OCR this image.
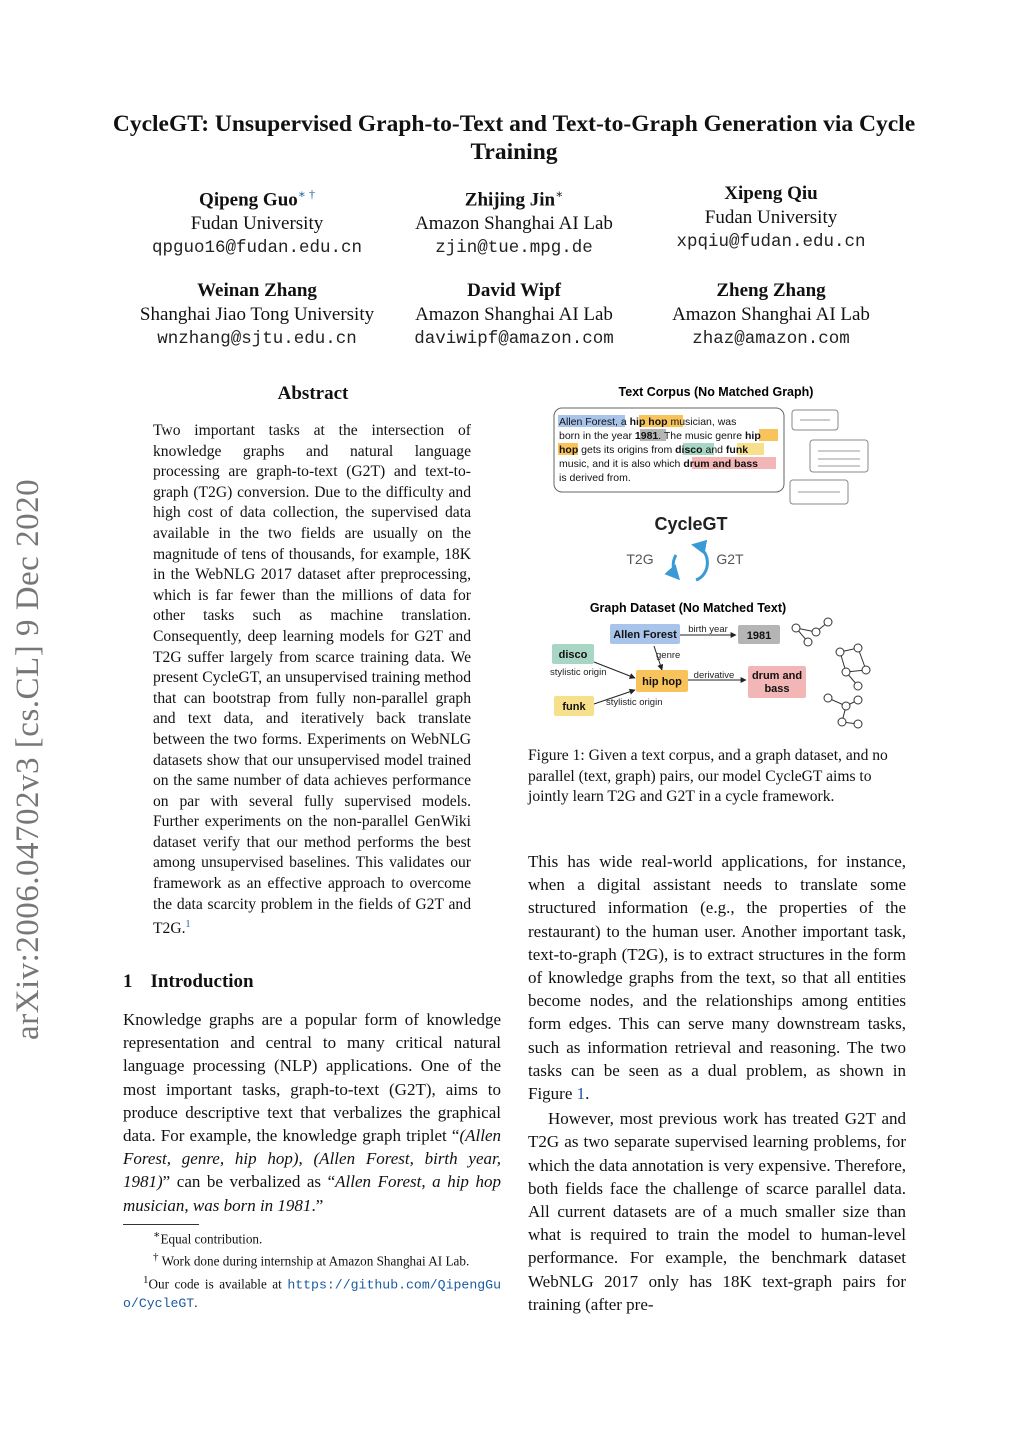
arXiv:2006.04702v3 [cs.CL] 9 Dec 2020
CycleGT: Unsupervised Graph-to-Text and Text-to-Graph Generation via Cycle Training
Qipeng Guo∗ †
Fudan University
qpguo16@fudan.edu.cn
Zhijing Jin∗
Amazon Shanghai AI Lab
zjin@tue.mpg.de
Xipeng Qiu
Fudan University
xpqiu@fudan.edu.cn
Weinan Zhang
Shanghai Jiao Tong University
wnzhang@sjtu.edu.cn
David Wipf
Amazon Shanghai AI Lab
daviwipf@amazon.com
Zheng Zhang
Amazon Shanghai AI Lab
zhaz@amazon.com
Abstract
Two important tasks at the intersection of knowledge graphs and natural language processing are graph-to-text (G2T) and text-to-graph (T2G) conversion. Due to the difficulty and high cost of data collection, the supervised data available in the two fields are usually on the magnitude of tens of thousands, for example, 18K in the WebNLG 2017 dataset after preprocessing, which is far fewer than the millions of data for other tasks such as machine translation. Consequently, deep learning models for G2T and T2G suffer largely from scarce training data. We present CycleGT, an unsupervised training method that can bootstrap from fully non-parallel graph and text data, and iteratively back translate between the two forms. Experiments on WebNLG datasets show that our unsupervised model trained on the same number of data achieves performance on par with several fully supervised models. Further experiments on the non-parallel GenWiki dataset verify that our method performs the best among unsupervised baselines. This validates our framework as an effective approach to overcome the data scarcity problem in the fields of G2T and T2G.$^1$
1 Introduction
Knowledge graphs are a popular form of knowledge representation and central to many critical natural language processing (NLP) applications. One of the most important tasks, graph-to-text (G2T), aims to produce descriptive text that verbalizes the graphical data. For example, the knowledge graph triplet “(Allen Forest, genre, hip hop), (Allen Forest, birth year, 1981)” can be verbalized as “Allen Forest, a hip hop musician, was born in 1981.”
∗Equal contribution.
† Work done during internship at Amazon Shanghai AI Lab.
$^1$Our code is available at https://github.com/QipengGuo/CycleGT.
Text Corpus (No Matched Graph)
Allen Forest, a hip hop musician, was
born in the year 1981. The music genre hip
hop gets its origins from disco and funk
music, and it is also which drum and bass
is derived from.
CycleGT
T2G	G2T
Graph Dataset (No Matched Text)
birth year
genre
stylistic origin
stylistic origin
derivative
Allen Forest	1981
disco
hip hop
funk
drum and
bass
Figure 1: Given a text corpus, and a graph dataset, and no parallel (text, graph) pairs, our model CycleGT aims to jointly learn T2G and G2T in a cycle framework.
This has wide real-world applications, for instance, when a digital assistant needs to translate some structured information (e.g., the properties of the restaurant) to the human user. Another important task, text-to-graph (T2G), is to extract structures in the form of knowledge graphs from the text, so that all entities become nodes, and the relationships among entities form edges. This can serve many downstream tasks, such as information retrieval and reasoning. The two tasks can be seen as a dual problem, as shown in Figure 1.
However, most previous work has treated G2T and T2G as two separate supervised learning problems, for which the data annotation is very expensive. Therefore, both fields face the challenge of scarce parallel data. All current datasets are of a much smaller size than what is required to train the model to human-level performance. For example, the benchmark dataset WebNLG 2017 only has 18K text-graph pairs for training (after pre-
